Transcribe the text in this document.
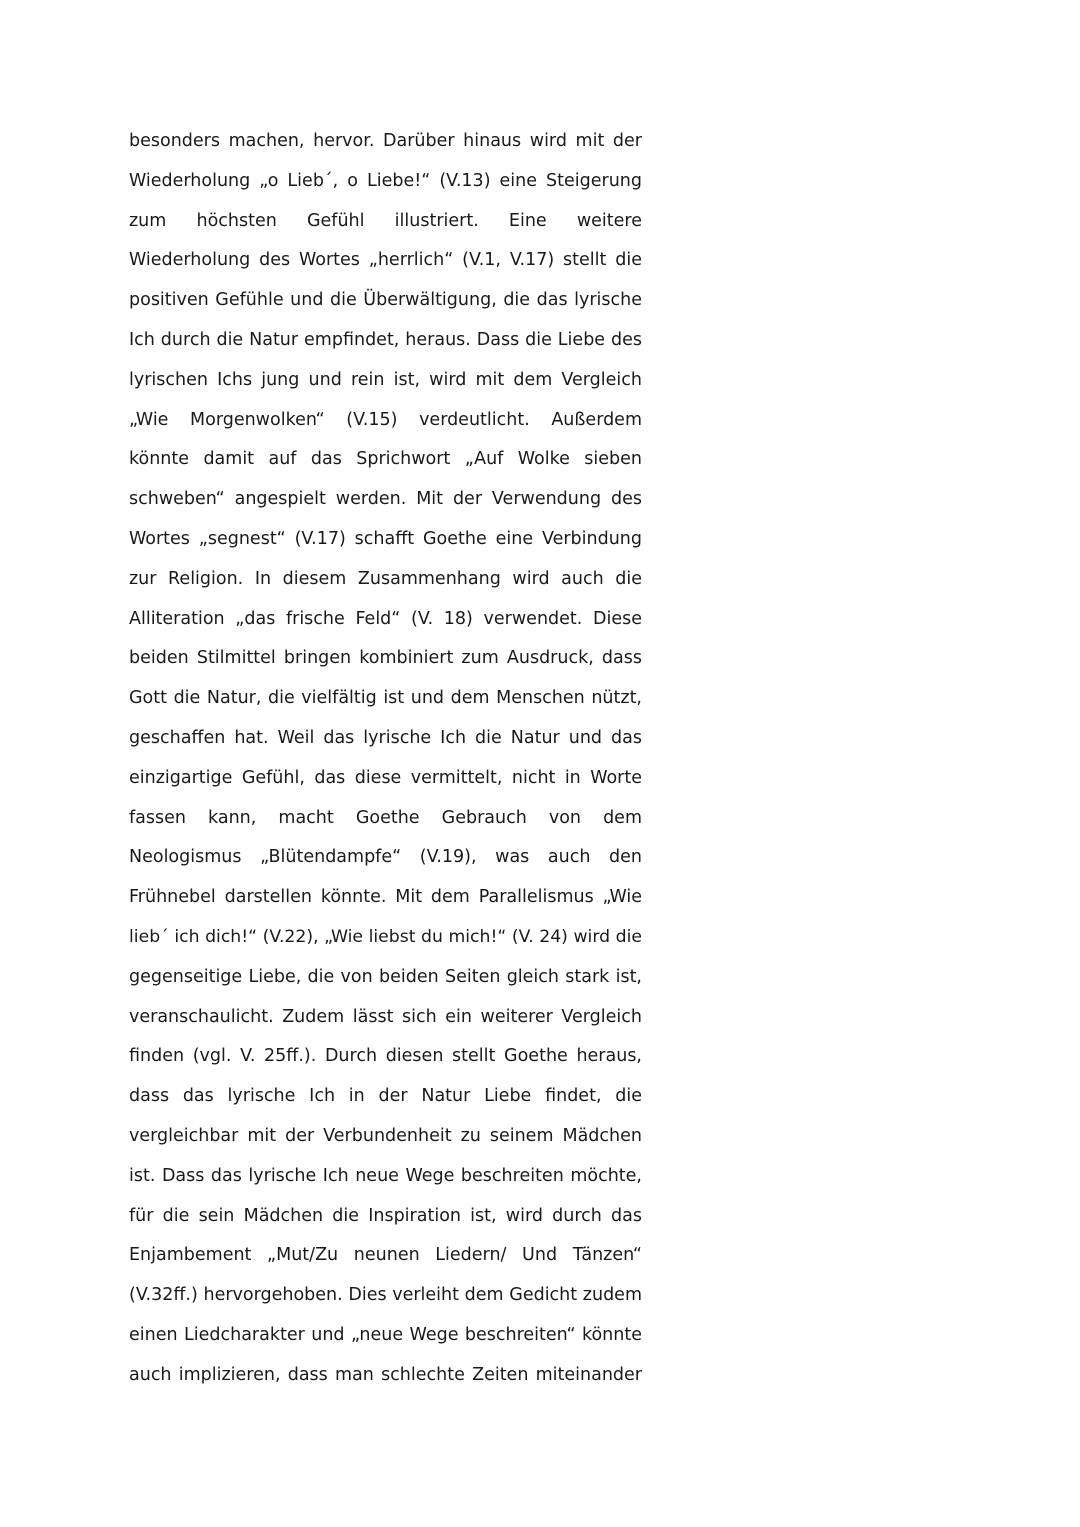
besonders machen, hervor. Darüber hinaus wird mit der
Wiederholung „o Lieb´, o Liebe!“ (V.13) eine Steigerung
zum höchsten Gefühl illustriert. Eine weitere
Wiederholung des Wortes „herrlich“ (V.1, V.17) stellt die
positiven Gefühle und die Überwältigung, die das lyrische
Ich durch die Natur empfindet, heraus. Dass die Liebe des
lyrischen Ichs jung und rein ist, wird mit dem Vergleich
„Wie Morgenwolken“ (V.15) verdeutlicht. Außerdem
könnte damit auf das Sprichwort „Auf Wolke sieben
schweben“ angespielt werden. Mit der Verwendung des
Wortes „segnest“ (V.17) schafft Goethe eine Verbindung
zur Religion. In diesem Zusammenhang wird auch die
Alliteration „das frische Feld“ (V. 18) verwendet. Diese
beiden Stilmittel bringen kombiniert zum Ausdruck, dass
Gott die Natur, die vielfältig ist und dem Menschen nützt,
geschaffen hat. Weil das lyrische Ich die Natur und das
einzigartige Gefühl, das diese vermittelt, nicht in Worte
fassen kann, macht Goethe Gebrauch von dem
Neologismus „Blütendampfe“ (V.19), was auch den
Frühnebel darstellen könnte. Mit dem Parallelismus „Wie
lieb´ ich dich!“ (V.22), „Wie liebst du mich!“ (V. 24) wird die
gegenseitige Liebe, die von beiden Seiten gleich stark ist,
veranschaulicht. Zudem lässt sich ein weiterer Vergleich
finden (vgl. V. 25ff.). Durch diesen stellt Goethe heraus,
dass das lyrische Ich in der Natur Liebe findet, die
vergleichbar mit der Verbundenheit zu seinem Mädchen
ist. Dass das lyrische Ich neue Wege beschreiten möchte,
für die sein Mädchen die Inspiration ist, wird durch das
Enjambement „Mut/Zu neunen Liedern/ Und Tänzen“
(V.32ff.) hervorgehoben. Dies verleiht dem Gedicht zudem
einen Liedcharakter und „neue Wege beschreiten“ könnte
auch implizieren, dass man schlechte Zeiten miteinander
